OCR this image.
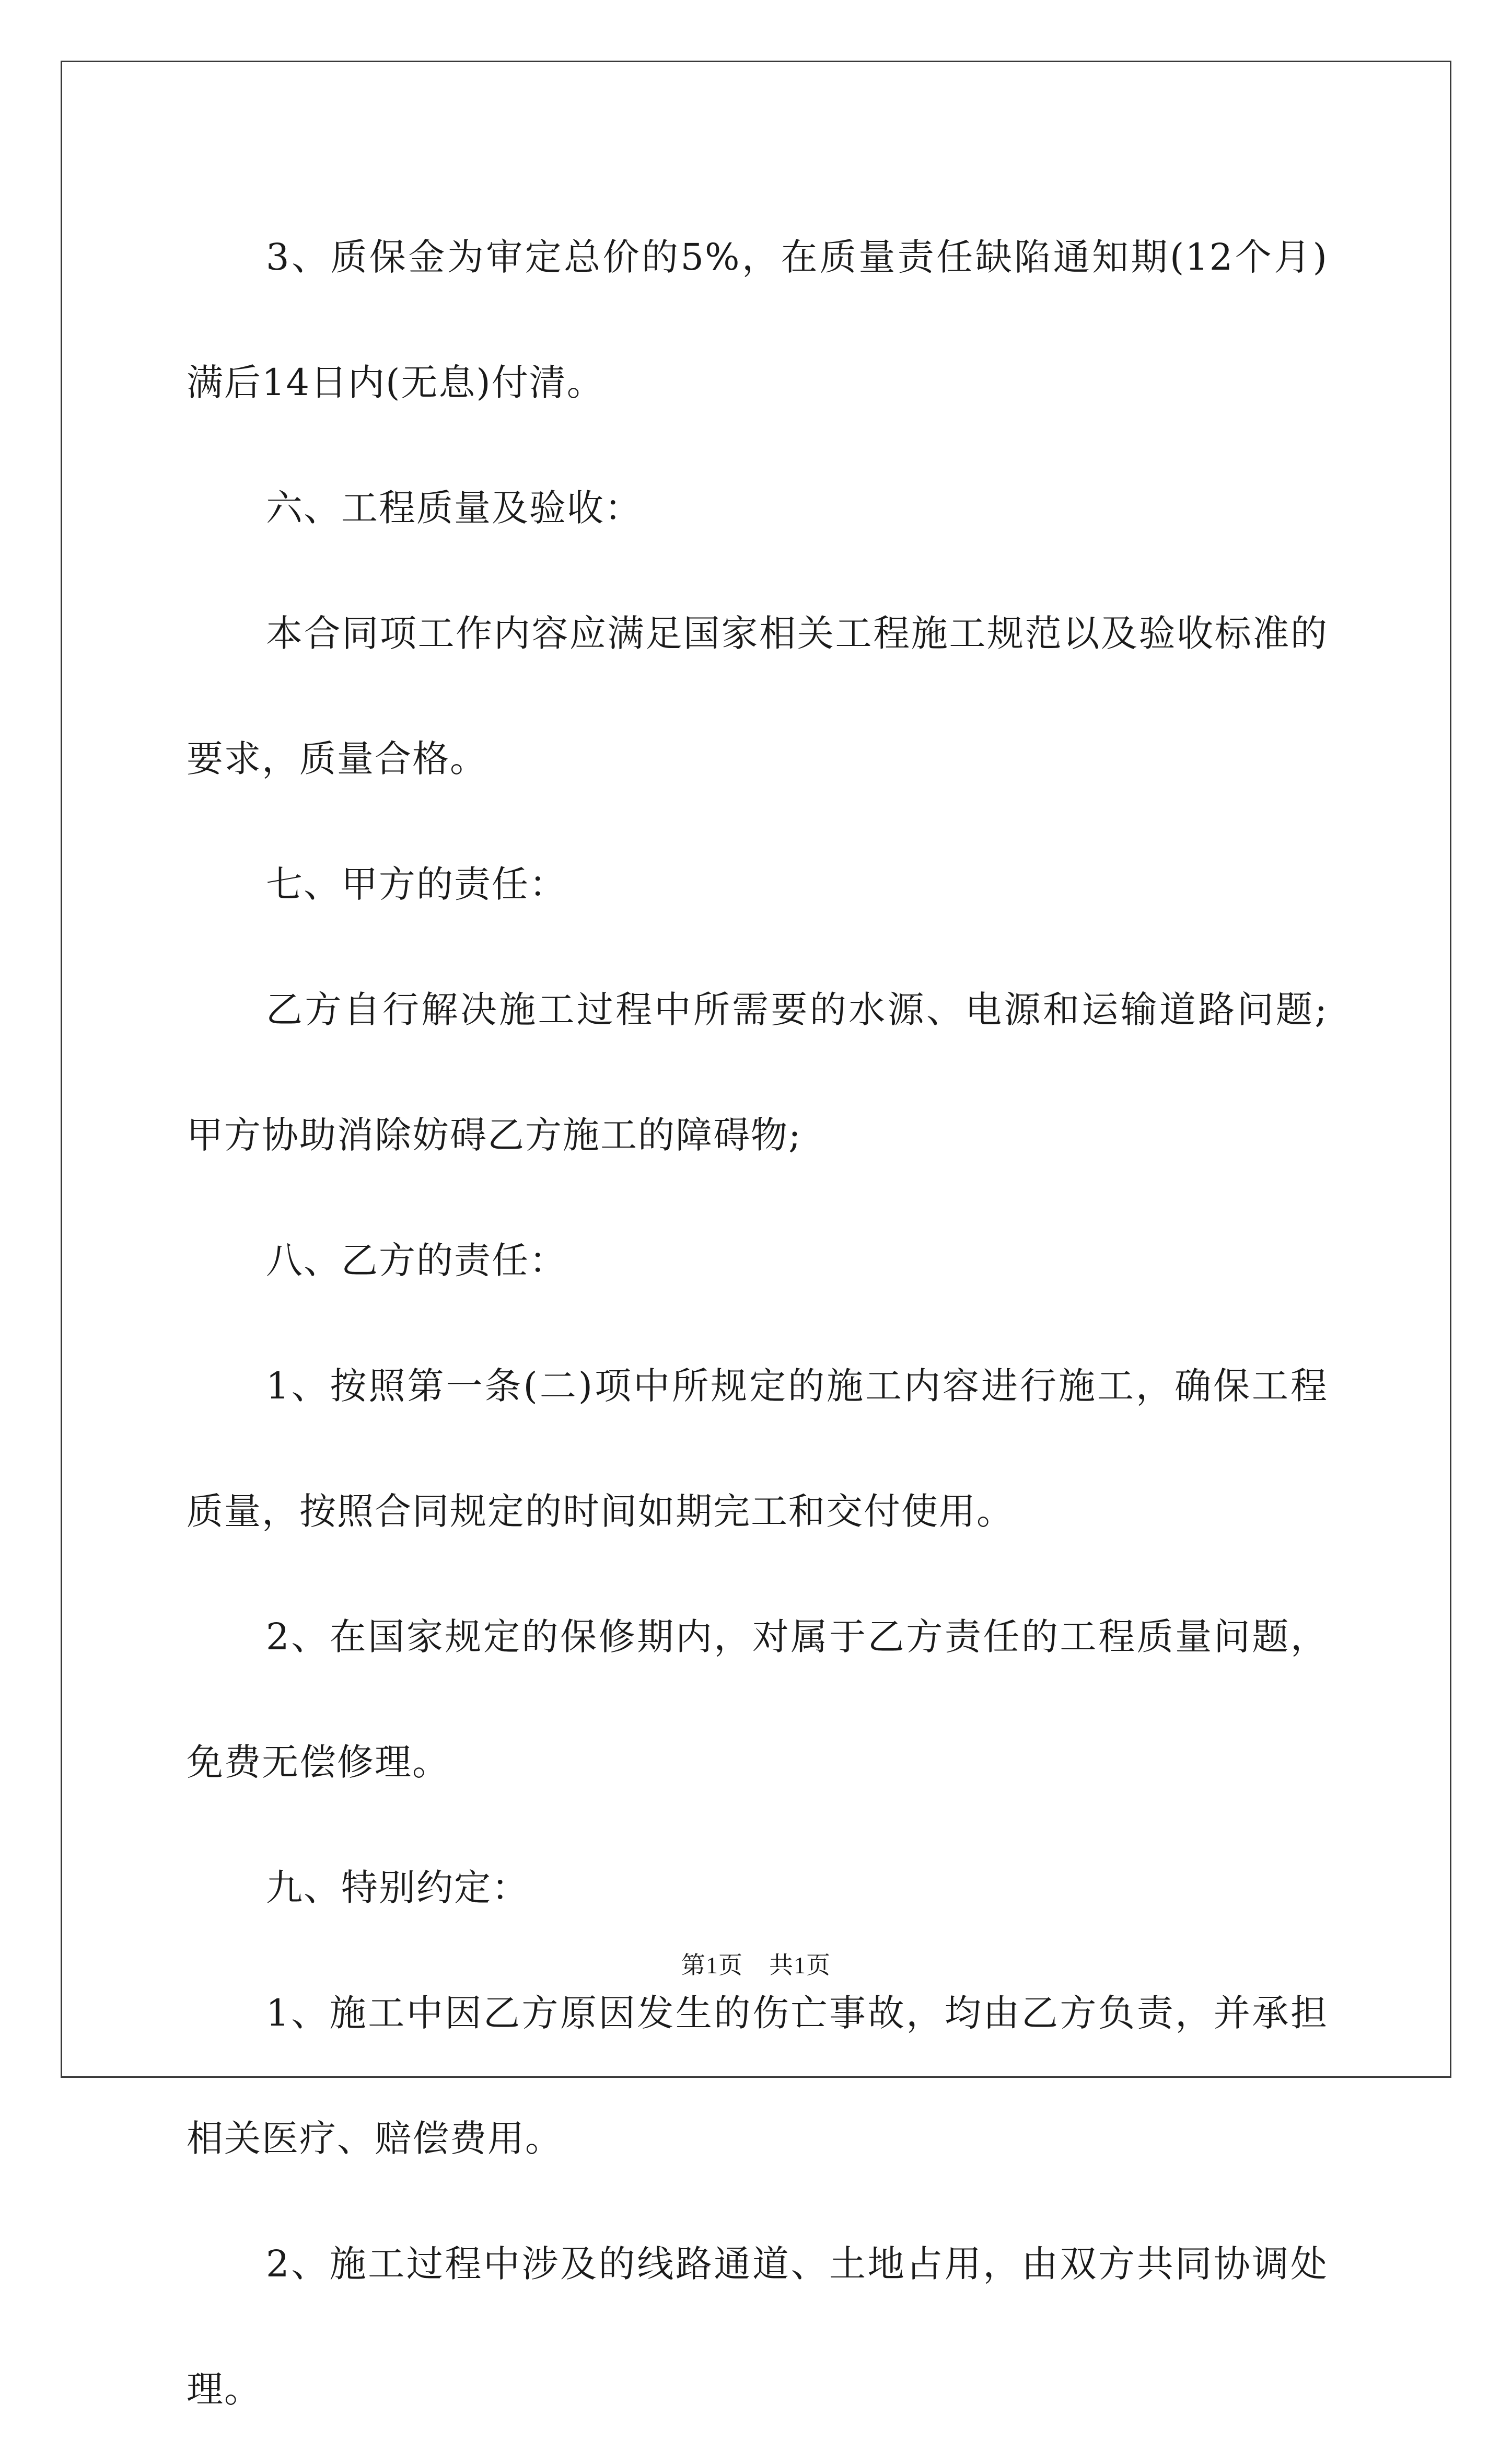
3、质保金为审定总价的5%，在质量责任缺陷通知期(12个月)满后14日内(无息)付清。

六、工程质量及验收：

本合同项工作内容应满足国家相关工程施工规范以及验收标准的要求，质量合格。

七、甲方的责任：

乙方自行解决施工过程中所需要的水源、电源和运输道路问题;甲方协助消除妨碍乙方施工的障碍物;

八、乙方的责任：

1、按照第一条(二)项中所规定的施工内容进行施工，确保工程质量，按照合同规定的时间如期完工和交付使用。

2、在国家规定的保修期内，对属于乙方责任的工程质量问题，免费无偿修理。

九、特别约定：

1、施工中因乙方原因发生的伤亡事故，均由乙方负责，并承担相关医疗、赔偿费用。

2、施工过程中涉及的线路通道、土地占用，由双方共同协调处理。

第1页 共1页
